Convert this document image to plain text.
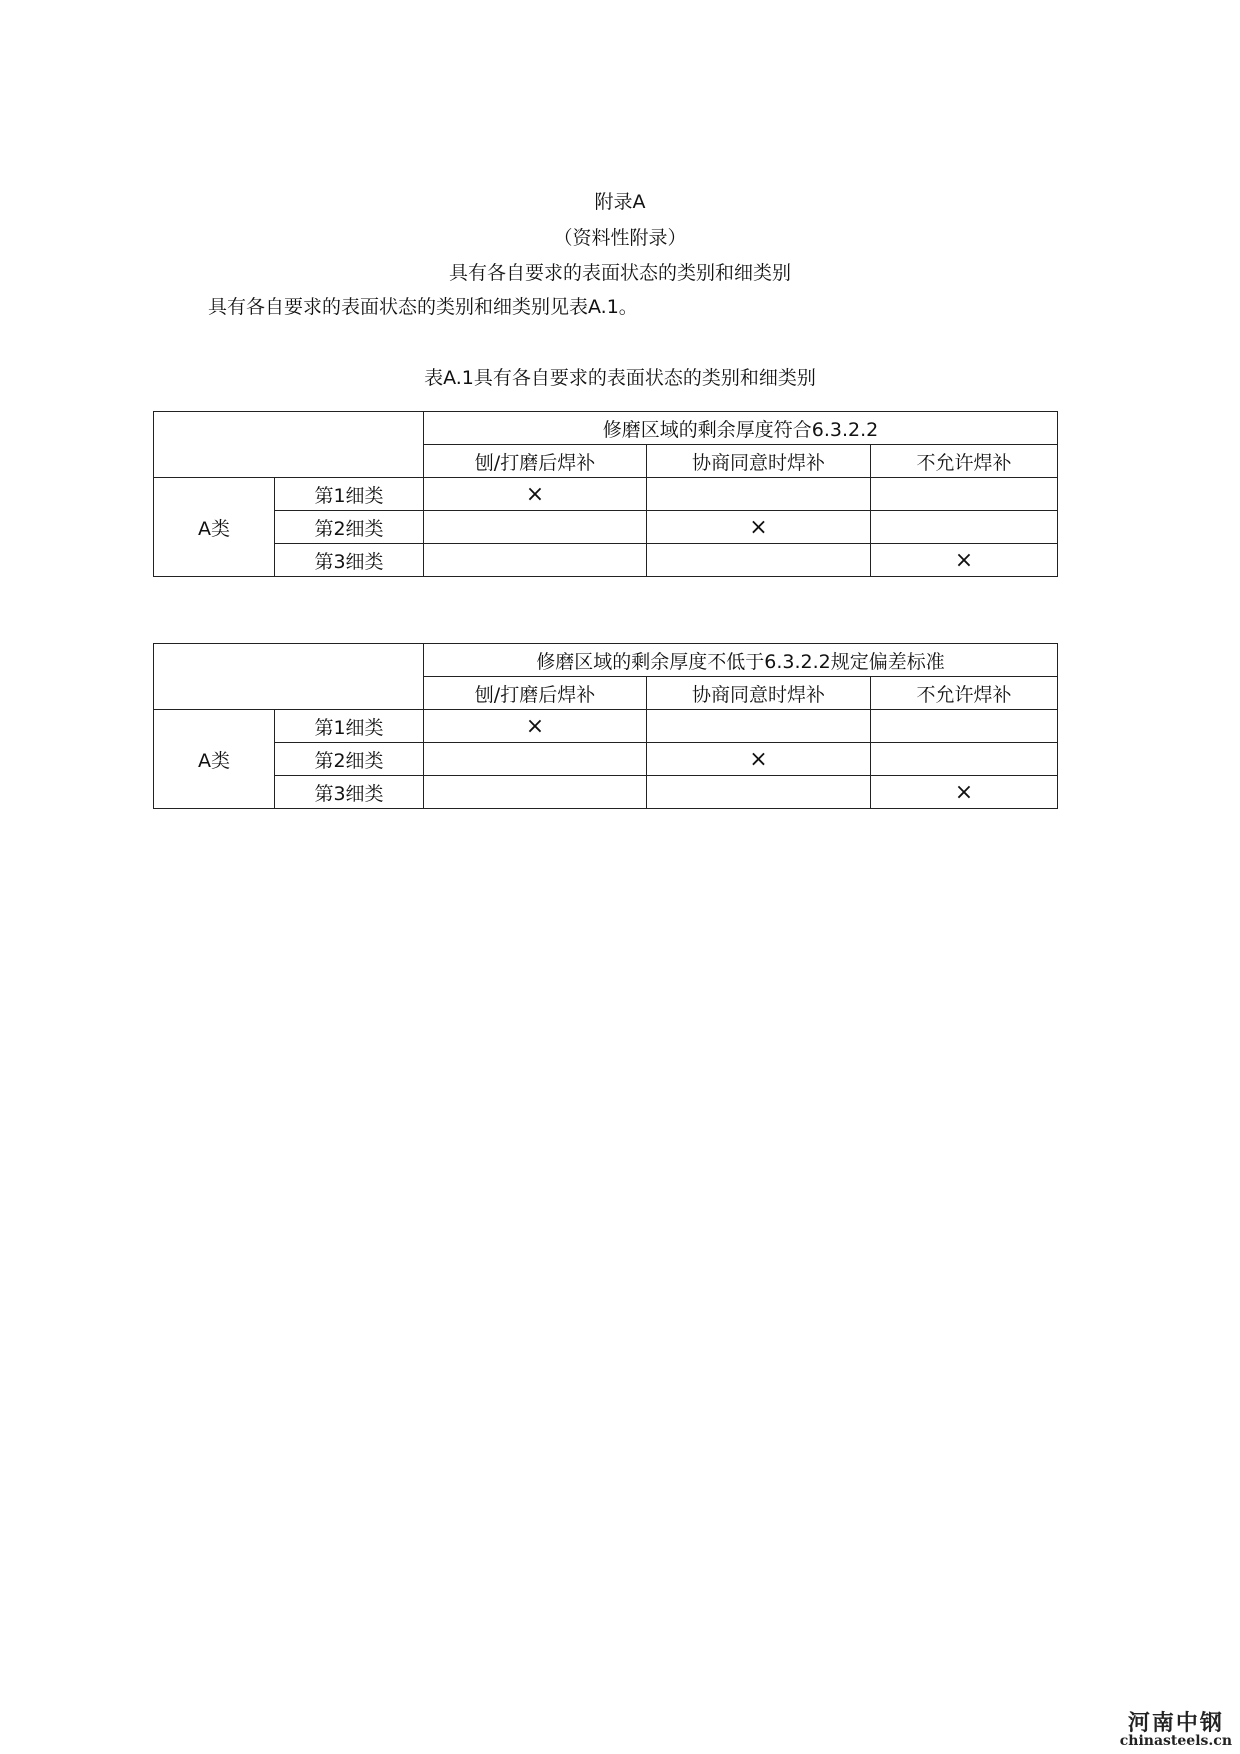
附录A
（资料性附录）
具有各自要求的表面状态的类别和细类别
具有各自要求的表面状态的类别和细类别见表A.1。
表A.1具有各自要求的表面状态的类别和细类别
		修磨区域的剩余厚度符合6.3.2.2		
		刨/打磨后焊补	协商同意时焊补	不允许焊补
A类	第1细类	×		
	第2细类		×	
	第3细类			×
		修磨区域的剩余厚度不低于6.3.2.2规定偏差标准		
		刨/打磨后焊补	协商同意时焊补	不允许焊补
A类	第1细类	×		
	第2细类		×	
	第3细类			×
河南中钢
chinasteels.cn
